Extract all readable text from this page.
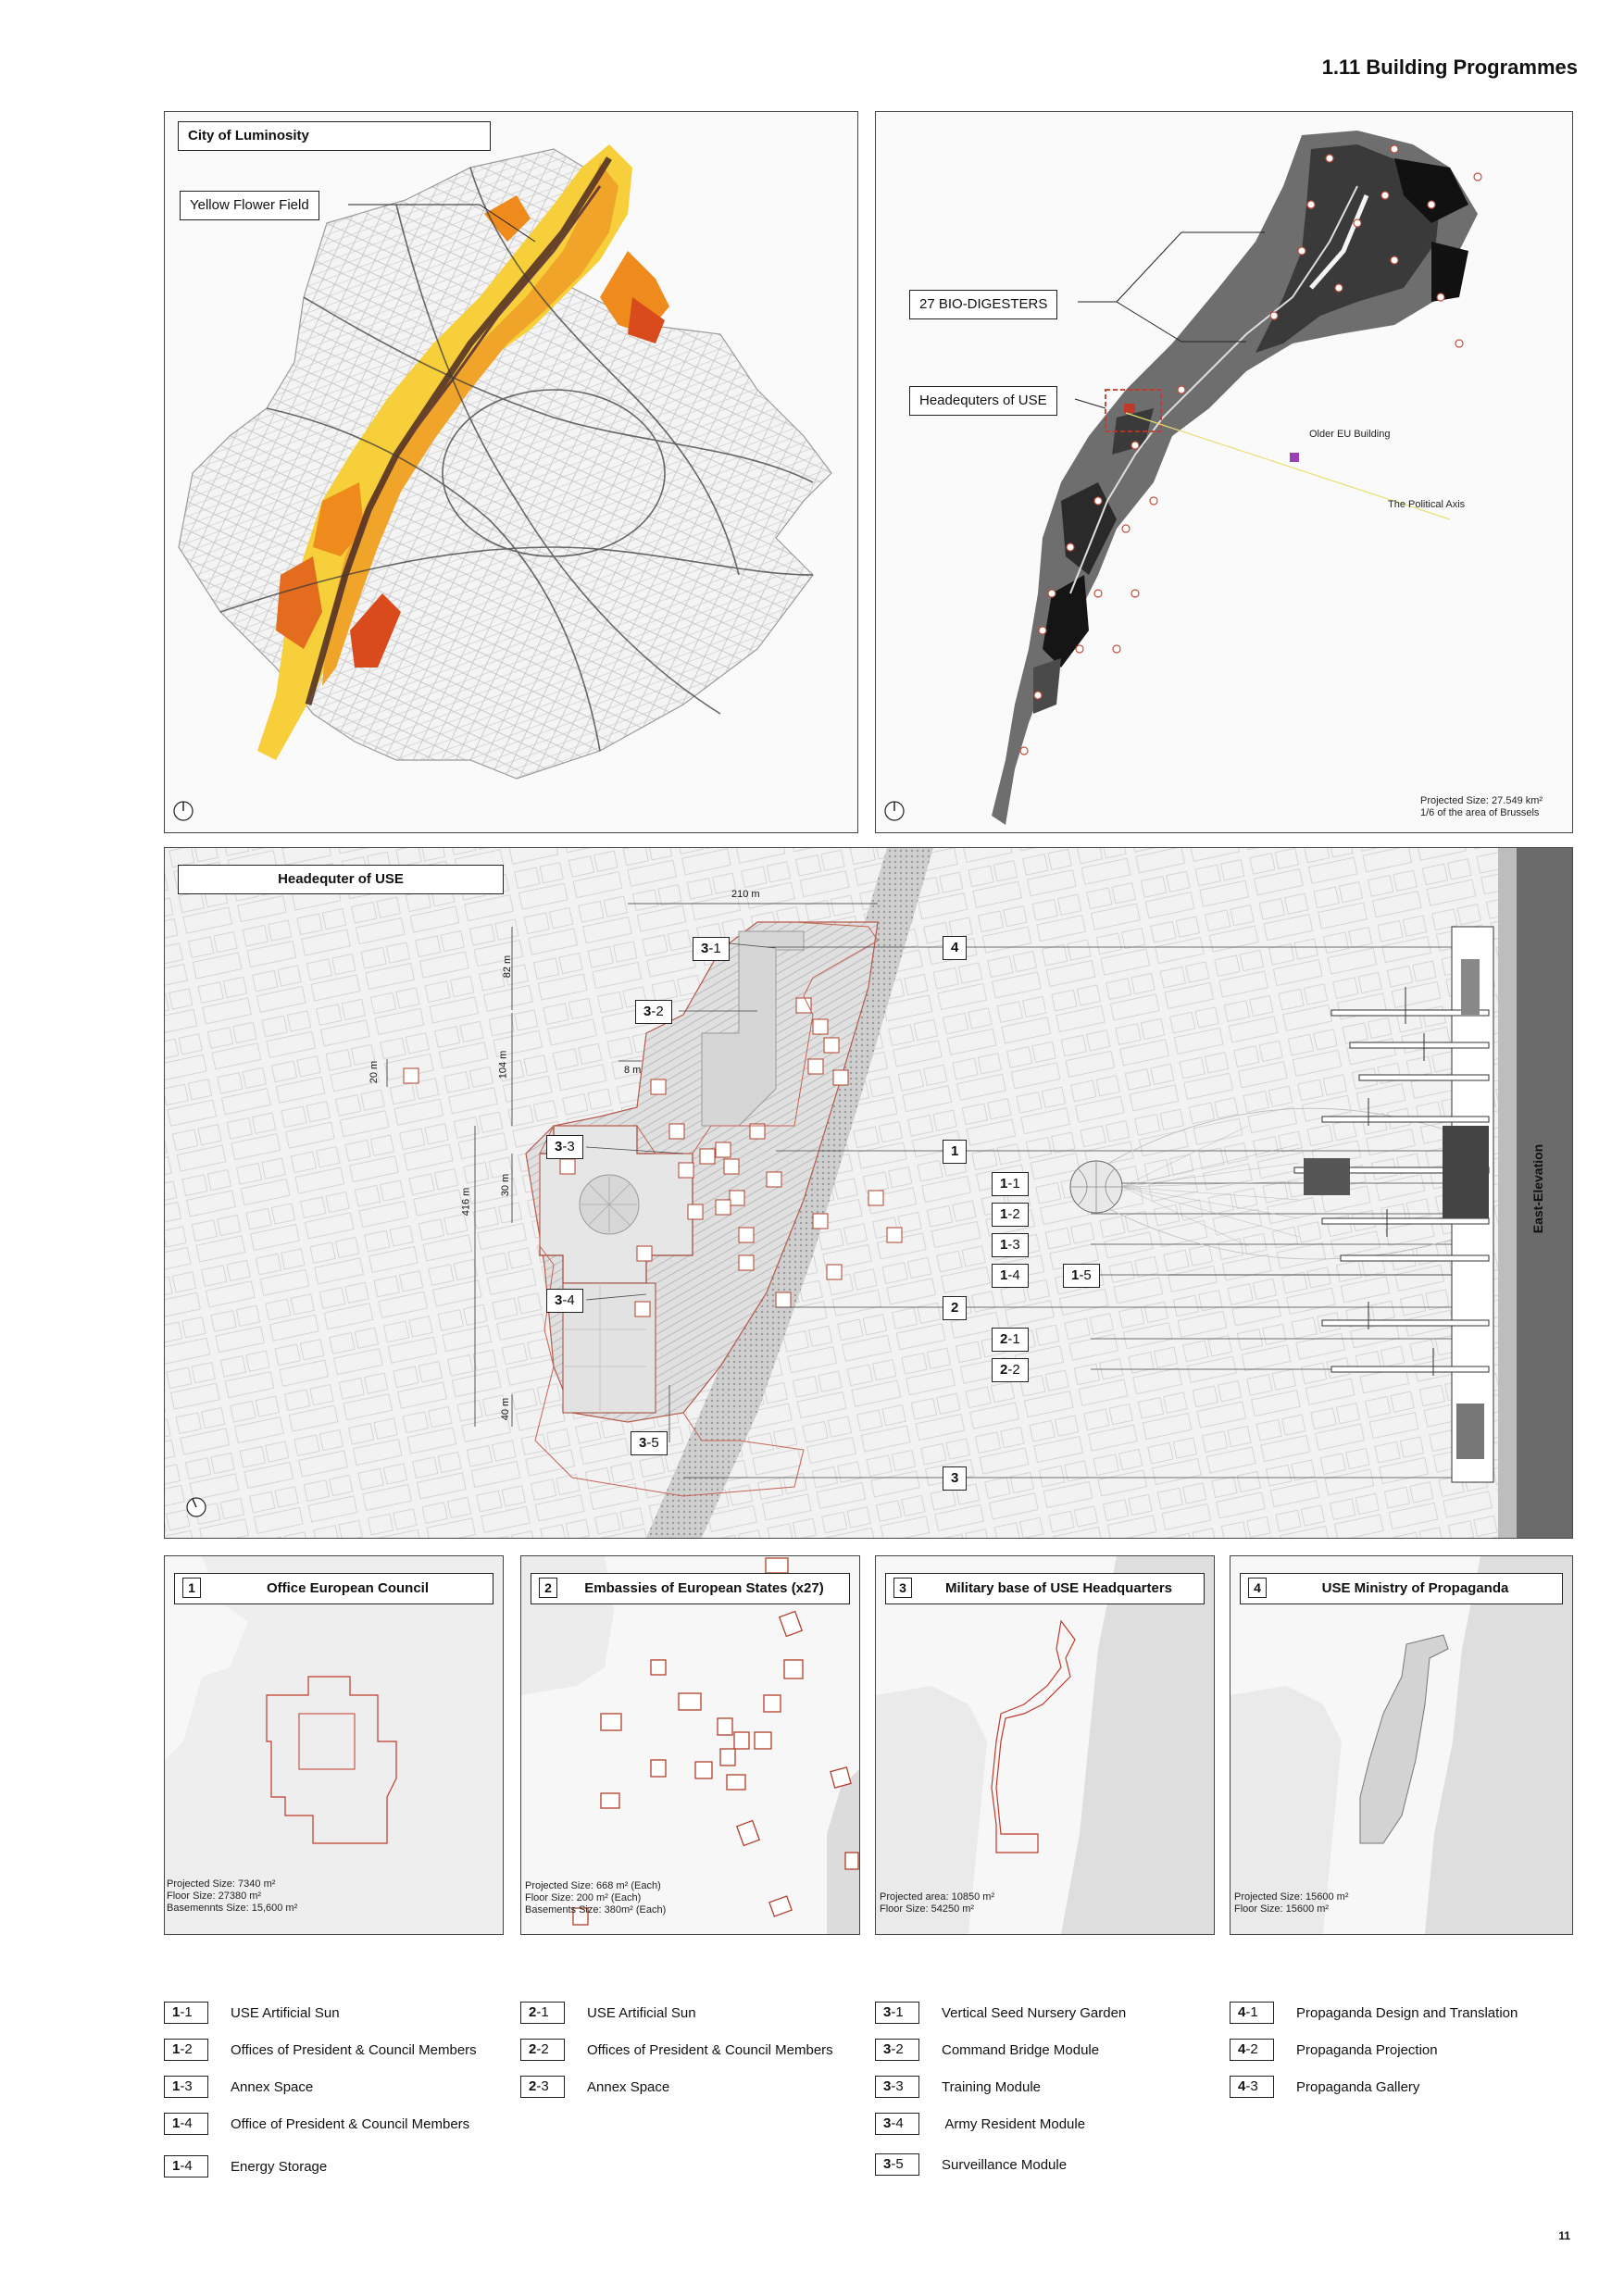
1.11 Building Programmes
City of Luminosity
Yellow Flower Field
27 BIO-DIGESTERS
Headequters of USE
Older EU Building
The Political Axis
Projected Size: 27.549 km²
1/6 of the area of Brussels
Headequter of USE
210 m
82 m
104 m	8 m
20 m
416 m
30 m
40 m
3-1
3-2
3-3
3-4
3-5
4
1
1-1
1-2
1-3
1-4	1-5
2
2-1
2-2
3
East-Elevation
1	Office European Council
Projected Size: 7340 m²
Floor Size: 27380 m²
Basemennts Size: 15,600 m²
2	Embassies of European States (x27)
Projected Size: 668 m² (Each)
Floor Size: 200 m² (Each)
Basements Size: 380m² (Each)
3	Military base of USE Headquarters
Projected area: 10850 m²
Floor Size: 54250 m²
4	USE Ministry of Propaganda
Projected Size: 15600 m²
Floor Size: 15600 m²
1-1	USE Artificial Sun
1-2	Offices of President & Council Members
1-3	Annex Space
1-4	Office of President & Council Members
1-4	Energy Storage
2-1	USE Artificial Sun
2-2	Offices of President & Council Members
2-3	Annex Space
3-1	Vertical Seed Nursery Garden
3-2	Command Bridge Module
3-3	Training Module
3-4	Army Resident Module
3-5	Surveillance Module
4-1	Propaganda Design and Translation
4-2	Propaganda Projection
4-3	Propaganda Gallery
11
